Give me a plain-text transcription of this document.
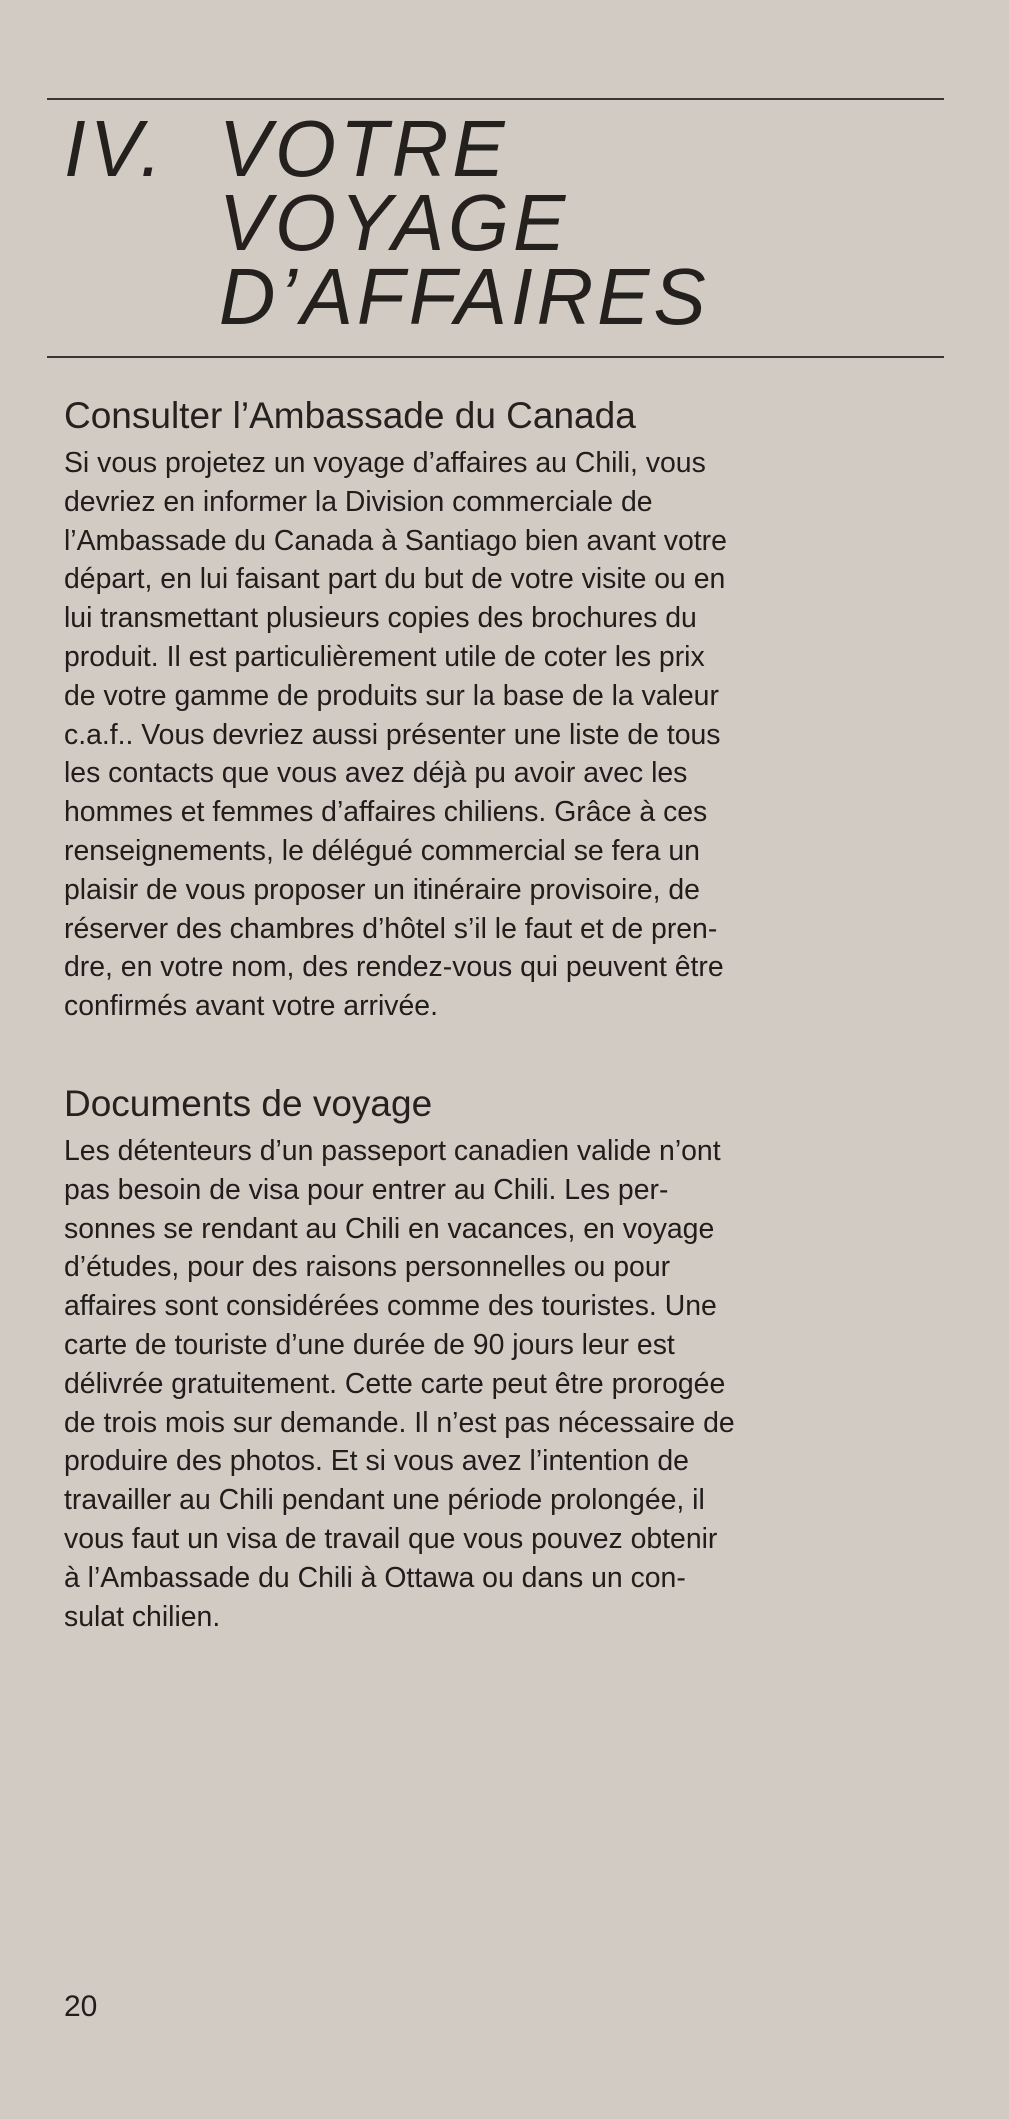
IV. VOTRE
VOYAGE
D’AFFAIRES
Consulter l’Ambassade du Canada

Si vous projetez un voyage d’affaires au Chili, vous
devriez en informer la Division commerciale de
l’Ambassade du Canada à Santiago bien avant votre
départ, en lui faisant part du but de votre visite ou en
lui transmettant plusieurs copies des brochures du
produit. Il est particulièrement utile de coter les prix
de votre gamme de produits sur la base de la valeur
c.a.f.. Vous devriez aussi présenter une liste de tous
les contacts que vous avez déjà pu avoir avec les
hommes et femmes d’affaires chiliens. Grâce à ces
renseignements, le délégué commercial se fera un
plaisir de vous proposer un itinéraire provisoire, de
réserver des chambres d’hôtel s’il le faut et de pren-
dre, en votre nom, des rendez-vous qui peuvent être
confirmés avant votre arrivée.

Documents de voyage

Les détenteurs d’un passeport canadien valide n’ont
pas besoin de visa pour entrer au Chili. Les per-
sonnes se rendant au Chili en vacances, en voyage
d’études, pour des raisons personnelles ou pour
affaires sont considérées comme des touristes. Une
carte de touriste d’une durée de 90 jours leur est
délivrée gratuitement. Cette carte peut être prorogée
de trois mois sur demande. Il n’est pas nécessaire de
produire des photos. Et si vous avez l’intention de
travailler au Chili pendant une période prolongée, il
vous faut un visa de travail que vous pouvez obtenir
à l’Ambassade du Chili à Ottawa ou dans un con-
sulat chilien.

20
